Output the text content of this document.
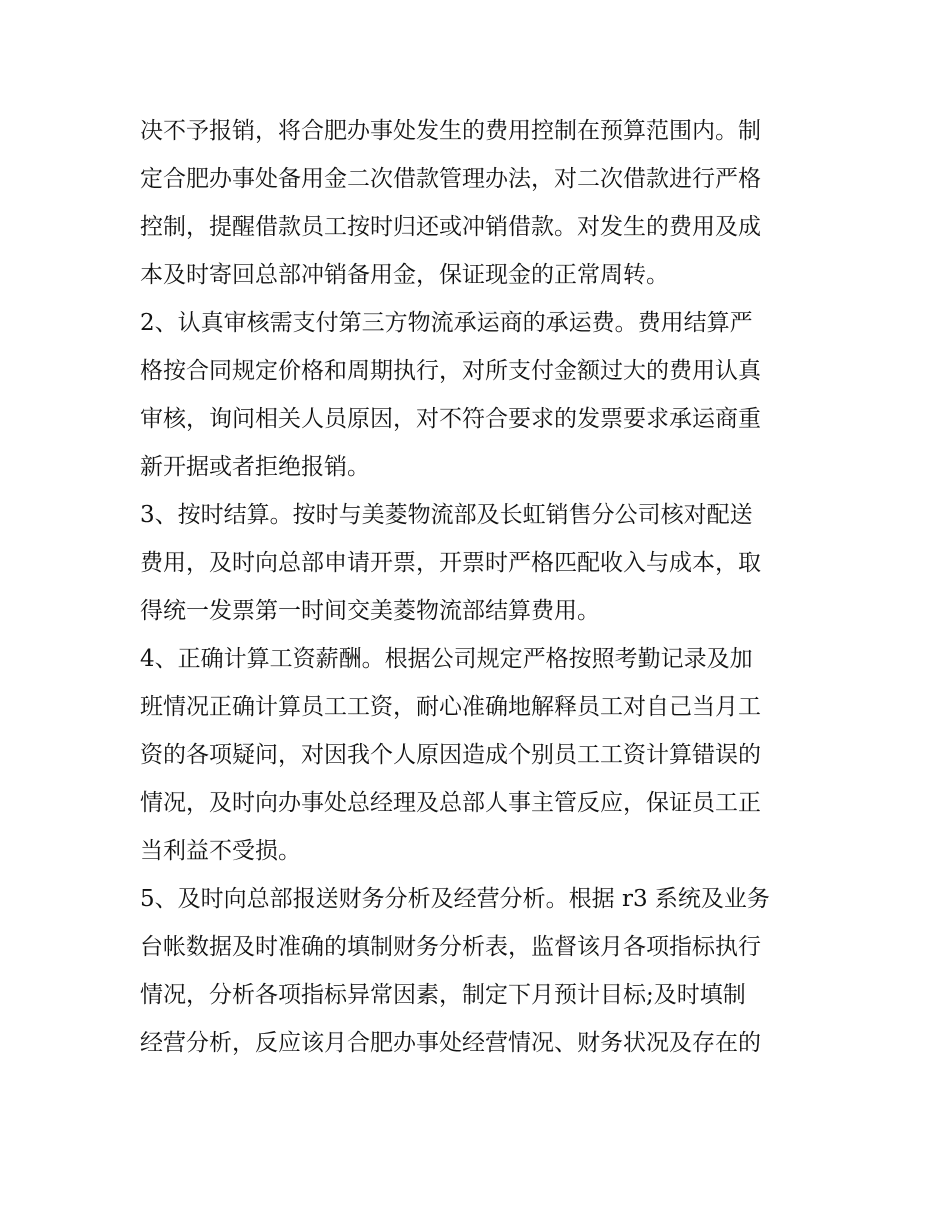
决不予报销，将合肥办事处发生的费用控制在预算范围内。制
定合肥办事处备用金二次借款管理办法，对二次借款进行严格
控制，提醒借款员工按时归还或冲销借款。对发生的费用及成
本及时寄回总部冲销备用金，保证现金的正常周转。
2、认真审核需支付第三方物流承运商的承运费。费用结算严
格按合同规定价格和周期执行，对所支付金额过大的费用认真
审核，询问相关人员原因，对不符合要求的发票要求承运商重
新开据或者拒绝报销。
3、按时结算。按时与美菱物流部及长虹销售分公司核对配送
费用，及时向总部申请开票，开票时严格匹配收入与成本，取
得统一发票第一时间交美菱物流部结算费用。
4、正确计算工资薪酬。根据公司规定严格按照考勤记录及加
班情况正确计算员工工资，耐心准确地解释员工对自己当月工
资的各项疑问，对因我个人原因造成个别员工工资计算错误的
情况，及时向办事处总经理及总部人事主管反应，保证员工正
当利益不受损。
5、及时向总部报送财务分析及经营分析。根据 r3 系统及业务
台帐数据及时准确的填制财务分析表，监督该月各项指标执行
情况，分析各项指标异常因素，制定下月预计目标;及时填制
经营分析，反应该月合肥办事处经营情况、财务状况及存在的
